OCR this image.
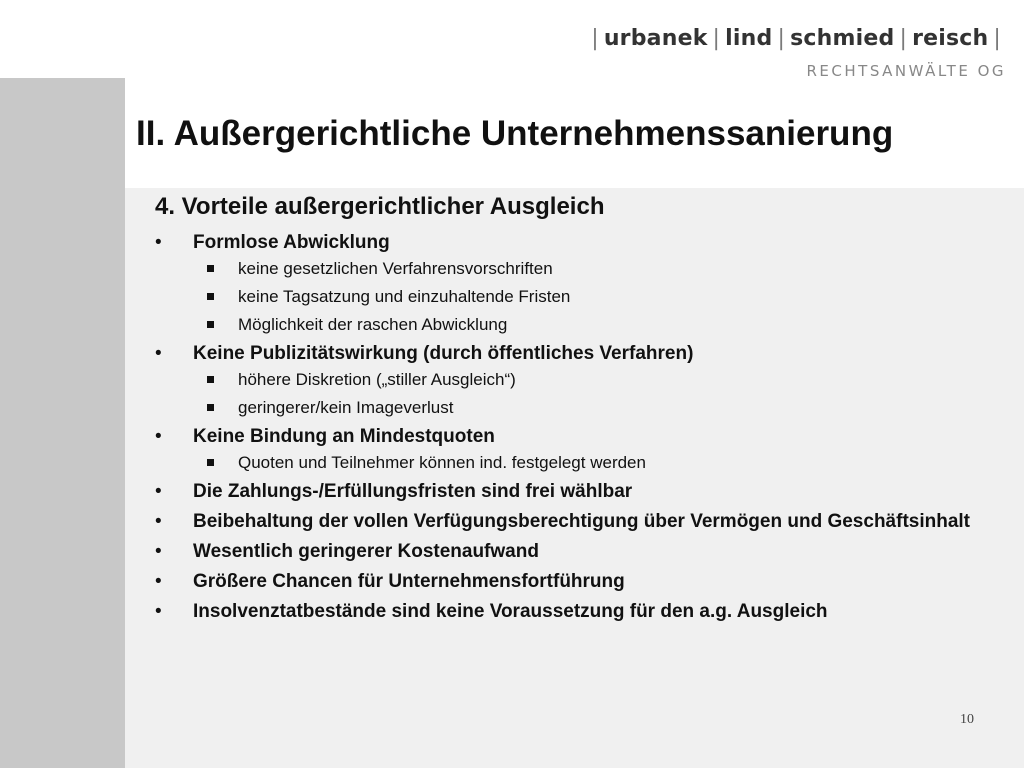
| urbanek | lind | schmied | reisch |
RECHTSANWÄLTE OG
II. Außergerichtliche Unternehmenssanierung
4. Vorteile außergerichtlicher Ausgleich
• Formlose Abwicklung
keine gesetzlichen Verfahrensvorschriften
keine Tagsatzung und einzuhaltende Fristen
Möglichkeit der raschen Abwicklung
• Keine Publizitätswirkung (durch öffentliches Verfahren)
höhere Diskretion („stiller Ausgleich“)
geringerer/kein Imageverlust
• Keine Bindung an Mindestquoten
Quoten und Teilnehmer können ind. festgelegt werden
• Die Zahlungs-/Erfüllungsfristen sind frei wählbar
• Beibehaltung der vollen Verfügungsberechtigung über Vermögen und Geschäftsinhalt
• Wesentlich geringerer Kostenaufwand
• Größere Chancen für Unternehmensfortführung
• Insolvenztatbestände sind keine Voraussetzung für den a.g. Ausgleich
10
